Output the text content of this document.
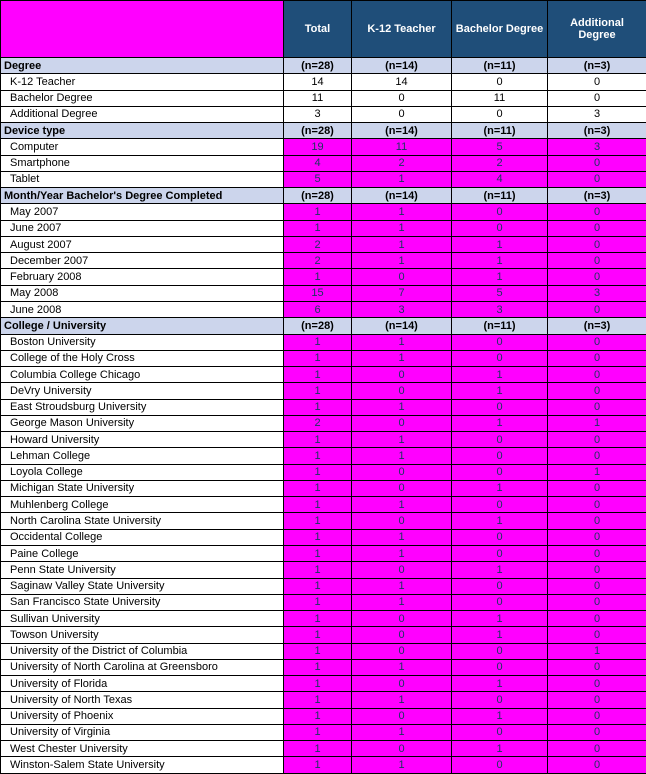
	Total	K-12 Teacher	Bachelor Degree	Additional Degree
Degree	(n=28)	(n=14)	(n=11)	(n=3)
K-12 Teacher	14	14	0	0
Bachelor Degree	11	0	11	0
Additional Degree	3	0	0	3
Device type	(n=28)	(n=14)	(n=11)	(n=3)
Computer	19	11	5	3
Smartphone	4	2	2	0
Tablet	5	1	4	0
Month/Year Bachelor's Degree Completed	(n=28)	(n=14)	(n=11)	(n=3)
May 2007	1	1	0	0
June 2007	1	1	0	0
August 2007	2	1	1	0
December 2007	2	1	1	0
February 2008	1	0	1	0
May 2008	15	7	5	3
June 2008	6	3	3	0
College / University	(n=28)	(n=14)	(n=11)	(n=3)
Boston University	1	1	0	0
College of the Holy Cross	1	1	0	0
Columbia College Chicago	1	0	1	0
DeVry University	1	0	1	0
East Stroudsburg University	1	1	0	0
George Mason University	2	0	1	1
Howard University	1	1	0	0
Lehman College	1	1	0	0
Loyola College	1	0	0	1
Michigan State University	1	0	1	0
Muhlenberg College	1	1	0	0
North Carolina State University	1	0	1	0
Occidental College	1	1	0	0
Paine College	1	1	0	0
Penn State University	1	0	1	0
Saginaw Valley State University	1	1	0	0
San Francisco State University	1	1	0	0
Sullivan University	1	0	1	0
Towson University	1	0	1	0
University of the District of Columbia	1	0	0	1
University of North Carolina at Greensboro	1	1	0	0
University of Florida	1	0	1	0
University of North Texas	1	1	0	0
University of Phoenix	1	0	1	0
University of Virginia	1	1	0	0
West Chester University	1	0	1	0
Winston-Salem State University	1	1	0	0
